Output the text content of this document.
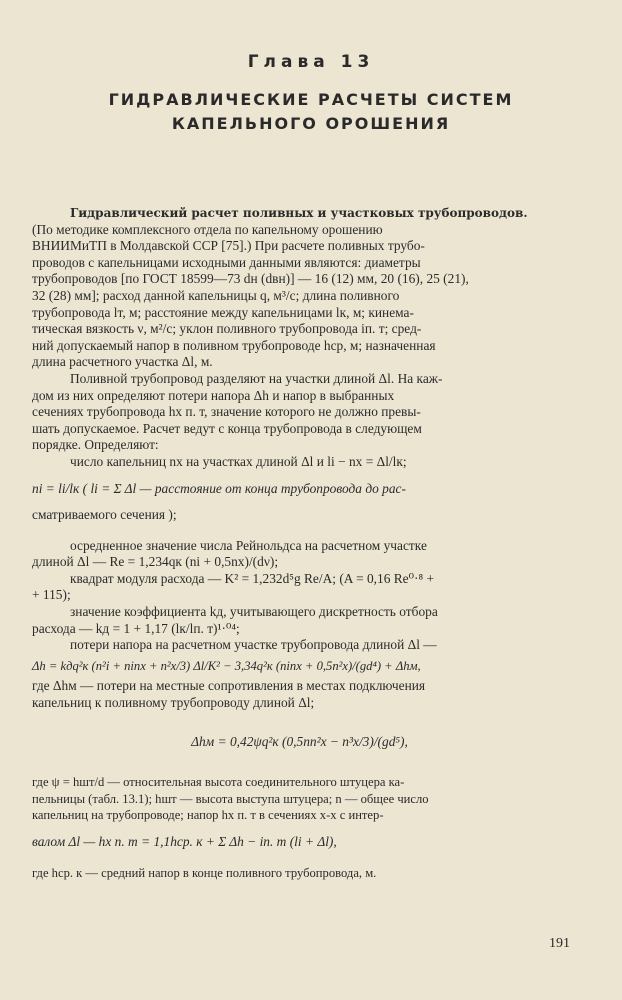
Глава 13
ГИДРАВЛИЧЕСКИЕ РАСЧЕТЫ СИСТЕМ
КАПЕЛЬНОГО ОРОШЕНИЯ

Гидравлический расчет поливных и участковых трубопроводов.

(По методике комплексного отдела по капельному орошению

ВНИИМиТП в Молдавской ССР [75].) При расчете поливных трубо-

проводов с капельницами исходными данными являются: диаметры

трубопроводов [по ГОСТ 18599—73 dн (dвн)] — 16 (12) мм, 20 (16), 25 (21),

32 (28) мм]; расход данной капельницы q, м³/с; длина поливного

трубопровода lт, м; расстояние между капельницами lк, м; кинема-

тическая вязкость ν, м²/с; уклон поливного трубопровода iп. т; сред-

ний допускаемый напор в поливном трубопроводе hср, м; назначенная

длина расчетного участка Δl, м.

Поливной трубопровод разделяют на участки длиной Δl. На каж-

дом из них определяют потери напора Δh и напор в выбранных

сечениях трубопровода hx п. т, значение которого не должно превы-

шать допускаемое. Расчет ведут с конца трубопровода в следующем

порядке. Определяют:

число капельниц nx на участках длиной Δl и li − nx = Δl/lк;

ni = li/lк ( li = Σ Δl — расстояние от конца трубопровода до рас-

сматриваемого сечения );

осредненное значение числа Рейнольдса на расчетном участке

длиной Δl — Re = 1,234qк (ni + 0,5nx)/(dν);

квадрат модуля расхода — K² = 1,232d⁵g Re/A; (A = 0,16 Re⁰·⁸ +

+ 115);

значение коэффициента kд, учитывающего дискретность отбора

расхода — kд = 1 + 1,17 (lк/lп. т)¹·⁰⁴;

потери напора на расчетном участке трубопровода длиной Δl —

Δh = kдq²к (n²i + ninx + n²x/3) Δl/K² − 3,34q²к (ninx + 0,5n²x)/(gd⁴) + Δhм,

где Δhм — потери на местные сопротивления в местах подключения

капельниц к поливному трубопроводу длиной Δl;

Δhм = 0,42ψq²к (0,5nn²x − n³x/3)/(gd⁵),

где ψ = hшт/d — относительная высота соединительного штуцера ка-

пельницы (табл. 13.1); hшт — высота выступа штуцера; n — общее число

капельниц на трубопроводе; напор hx п. т в сечениях x-x с интер-

валом Δl — hx п. т = 1,1hср. к + Σ Δh − iп. т (li + Δl),

где hср. к — средний напор в конце поливного трубопровода, м.

191
